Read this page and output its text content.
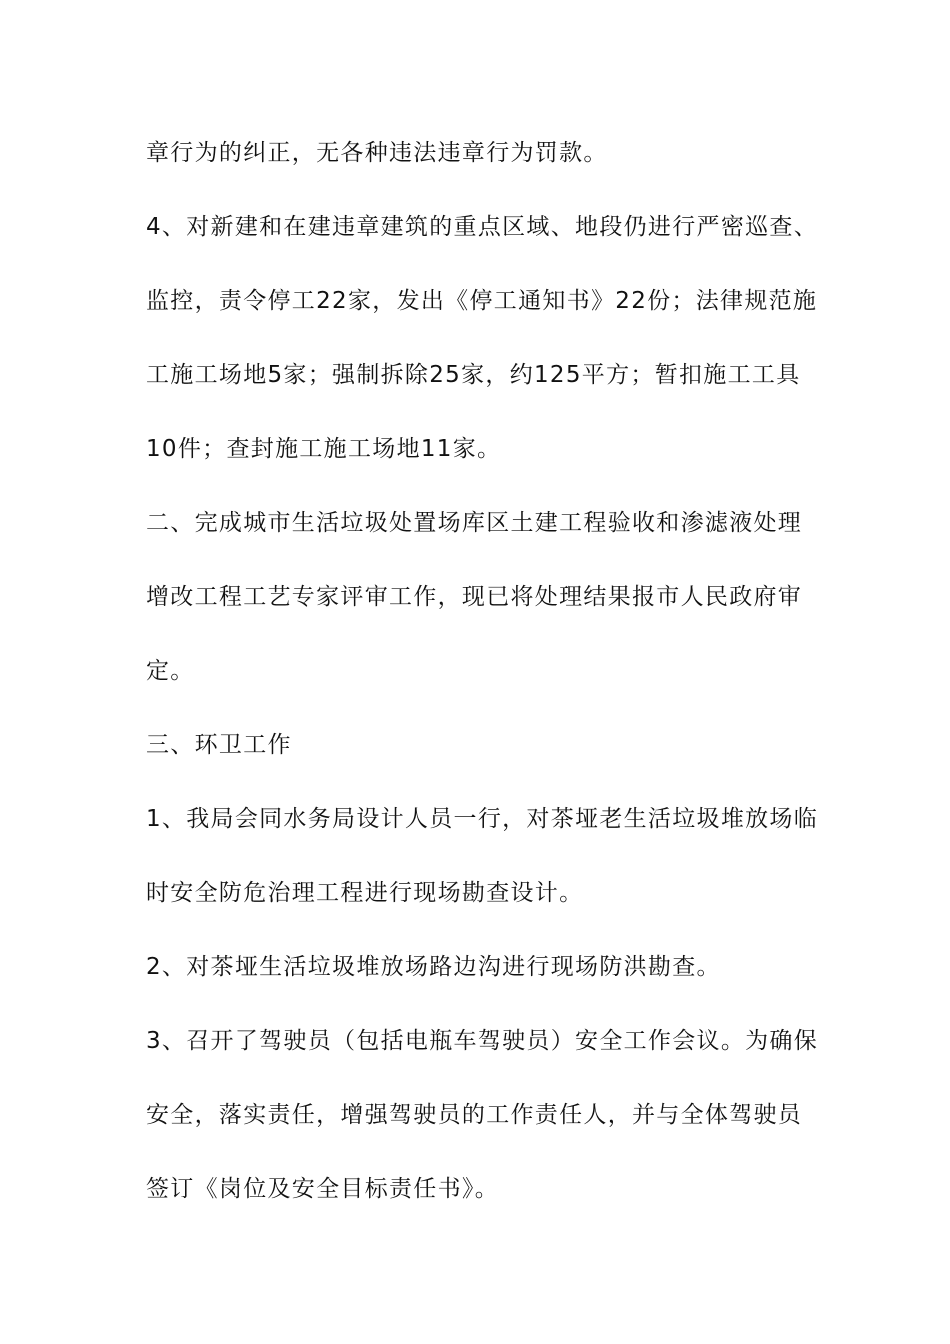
章行为的纠正，无各种违法违章行为罚款。
4、对新建和在建违章建筑的重点区域、地段仍进行严密巡查、
监控，责令停工22家，发出《停工通知书》22份；法律规范施
工施工场地5家；强制拆除25家，约125平方；暂扣施工工具
10件；查封施工施工场地11家。
二、完成城市生活垃圾处置场库区土建工程验收和渗滤液处理
增改工程工艺专家评审工作，现已将处理结果报市人民政府审
定。
三、环卫工作
1、我局会同水务局设计人员一行，对茶垭老生活垃圾堆放场临
时安全防危治理工程进行现场勘查设计。
2、对茶垭生活垃圾堆放场路边沟进行现场防洪勘查。
3、召开了驾驶员（包括电瓶车驾驶员）安全工作会议。为确保
安全，落实责任，增强驾驶员的工作责任人，并与全体驾驶员
签订《岗位及安全目标责任书》。
